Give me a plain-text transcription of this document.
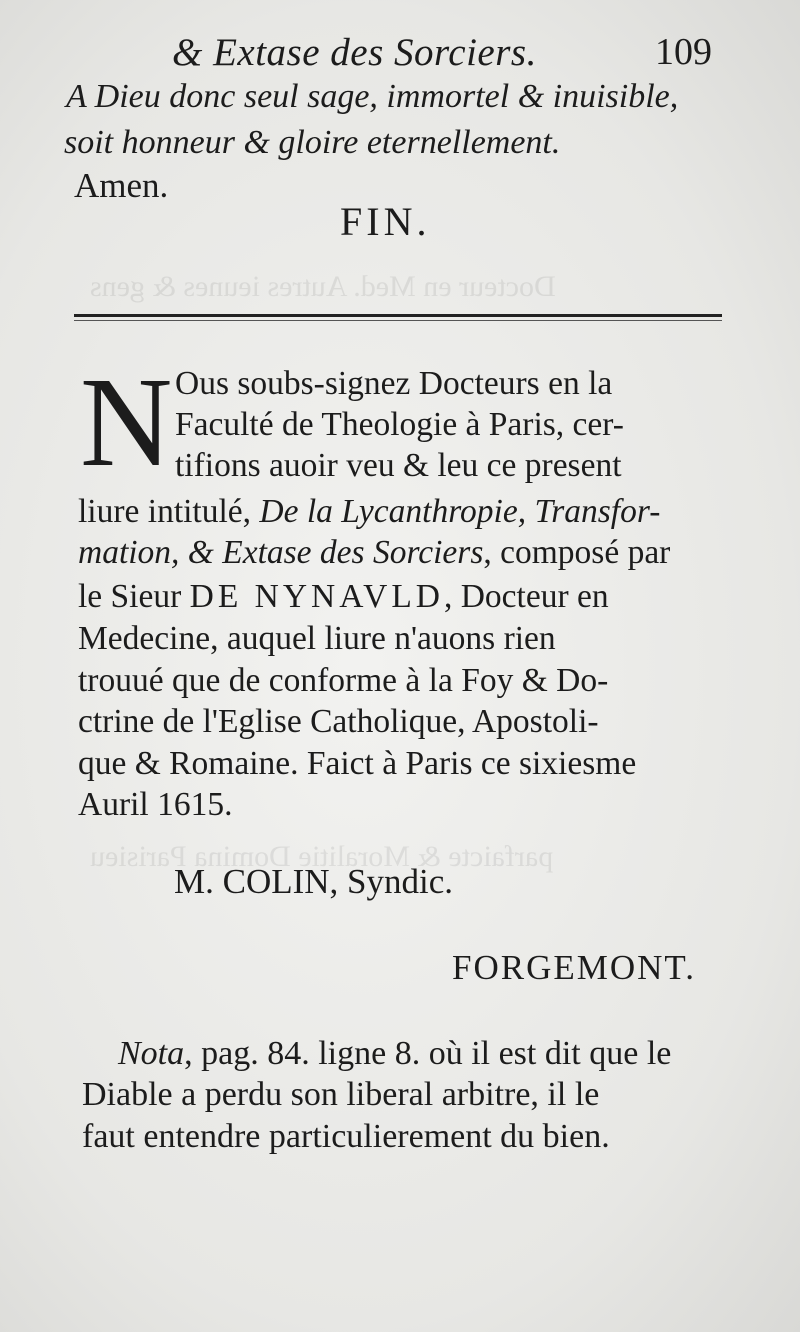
Docteur en Med. Autres ieunes & gens
parfaicte & Moralitie Domina Parisieu
& Extase des Sorciers.	109
A Dieu donc seul sage, immortel & inuisible,
soit honneur & gloire eternellement.
Amen.
FIN.
N Ous soubs-signez Docteurs en la
Faculté de Theologie à Paris, cer-
tifions auoir veu & leu ce present
liure intitulé, De la Lycanthropie, Transfor-
mation, & Extase des Sorciers, composé par
le Sieur DE NYNAVLD, Docteur en
Medecine, auquel liure n'auons rien
trouué que de conforme à la Foy & Do-
ctrine de l'Eglise Catholique, Apostoli-
que & Romaine. Faict à Paris ce sixiesme
Auril 1615.
M. COLIN, Syndic.
FORGEMONT.
Nota, pag. 84. ligne 8. où il est dit que le
Diable a perdu son liberal arbitre, il le
faut entendre particulierement du bien.
